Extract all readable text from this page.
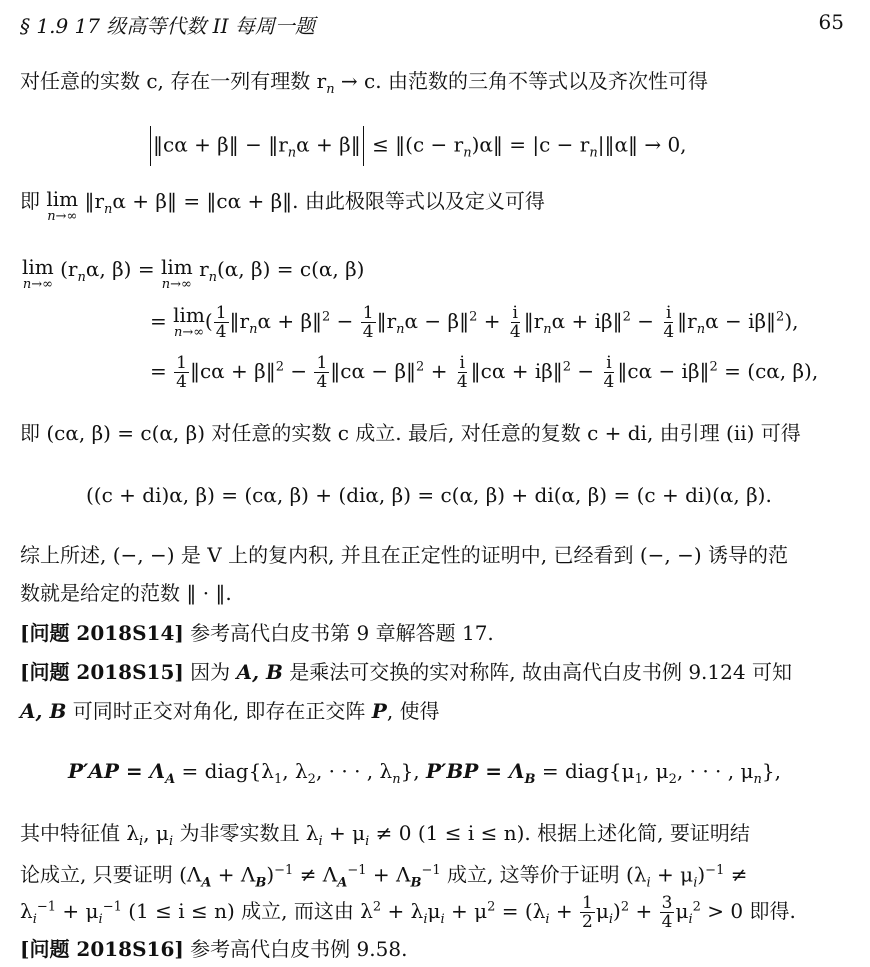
§ 1.9 17 级高等代数 II 每周一题	65
对任意的实数 c, 存在一列有理数 $r_n \to c$. 由范数的三角不等式以及齐次性可得
‖cα + β‖ − $‖r_n\alpha$ + β‖ ≤ ‖(c − $r_n)\alpha‖ = |c$ − $r_n|‖\alpha‖ \to 0$,
即 lim
n→∞
$‖r_n\alpha$ + β‖ = ‖cα + β‖. 由此极限等式以及定义可得
lim
n→∞
($r_n\alpha$, β) = lim
n→∞
$r_n(\alpha$, β) = c(α, β)
= lim
n→∞ ( $\frac{1}{4}$ $‖r_n\alpha$ + β‖$^2$ − $\frac{1}{4}$ $‖r_n\alpha$ − β‖$^2$ + $\frac{i}{4}$ $‖r_n\alpha$ + iβ‖$^2$ − $\frac{i}{4}$ $‖r_n\alpha$ − iβ‖$^2$),
= $\frac{1}{4}$ ‖cα + β‖$^2$ − $\frac{1}{4}$ ‖cα − β‖$^2$ + $\frac{i}{4}$ ‖cα + iβ‖$^2$ − $\frac{i}{4}$ ‖cα − iβ‖$^2$ = (cα, β),
即 (cα, β) = c(α, β) 对任意的实数 c 成立. 最后, 对任意的复数 c + di, 由引理 (ii) 可得
((c + di)α, β) = (cα, β) + (diα, β) = c(α, β) + di(α, β) = (c + di)(α, β).
综上所述, (−, −) 是 V 上的复内积, 并且在正定性的证明中, 已经看到 (−, −) 诱导的范
数就是给定的范数 ‖ · ‖.
[问题 2018S14] 参考高代白皮书第 9 章解答题 17.
[问题 2018S15] 因为 A, B 是乘法可交换的实对称阵, 故由高代白皮书例 9.124 可知
A, B 可同时正交对角化, 即存在正交阵 P, 使得
$P'AP = \Lambda_A$ = $diag\{\lambda_1$, $\lambda_2$, · · · , $\lambda_n$}, $P'BP = \Lambda_B$ = $diag\{\mu_1$, $\mu_2$, · · · , $\mu_n$},
其中特征值 $\lambda_i$, $\mu_i$ 为非零实数且 $\lambda_i + \mu_i \ne 0$ (1 ≤ i ≤ n). 根据上述化简, 要证明结
论成立, 只要证明 $(\Lambda_A + \Lambda_B)^{-1} \ne \Lambda_A^{-1} + \Lambda_B^{-1}$ 成立, 这等价于证明 $(\lambda_i + \mu_i)^{-1}$ ≠
$\lambda_i^{-1} + \mu_i^{-1}$ (1 ≤ i ≤ n) 成立, 而这由 $\lambda^2 + \lambda_i\mu_i + \mu^2 = (\lambda_i + \frac{1}{2} \mu_i)^2 + \frac{3}{4} \mu_i^2 > 0$ 即得.
[问题 2018S16] 参考高代白皮书例 9.58.
